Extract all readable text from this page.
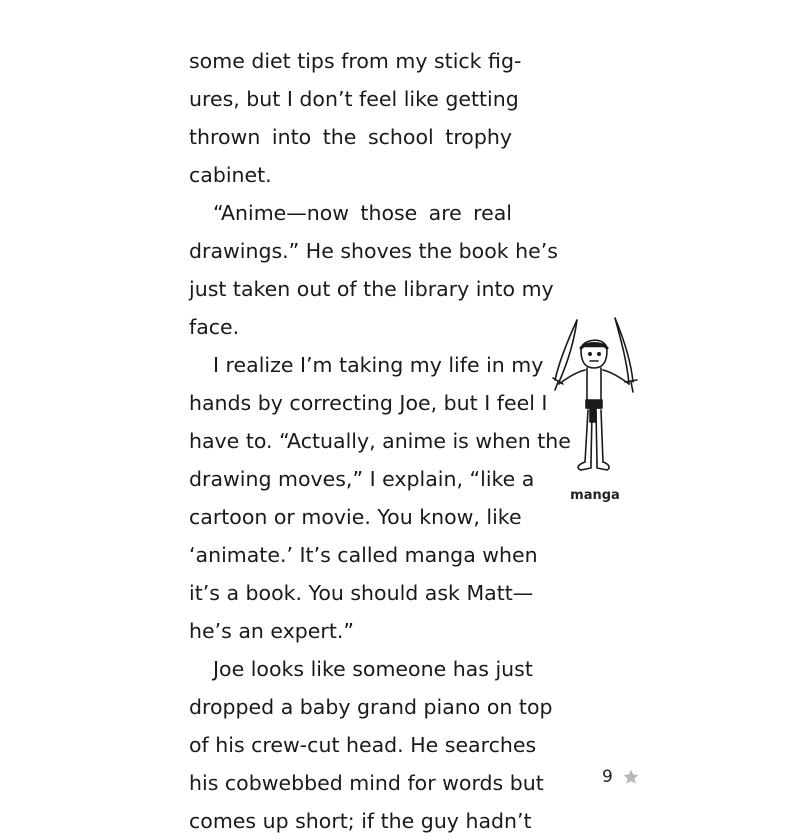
some diet tips from my stick fig-
ures, but I don’t feel like getting
thrown into the school trophy
cabinet.
“Anime—now those are real
drawings.” He shoves the book he’s
just taken out of the library into my
face.
I realize I’m taking my life in my
hands by correcting Joe, but I feel I
have to. “Actually, anime is when the
drawing moves,” I explain, “like a
cartoon or movie. You know, like
‘animate.’ It’s called manga when
it’s a book. You should ask Matt—
he’s an expert.”
Joe looks like someone has just
dropped a baby grand piano on top
of his crew-cut head. He searches
his cobwebbed mind for words but
comes up short; if the guy hadn’t
manga
9
